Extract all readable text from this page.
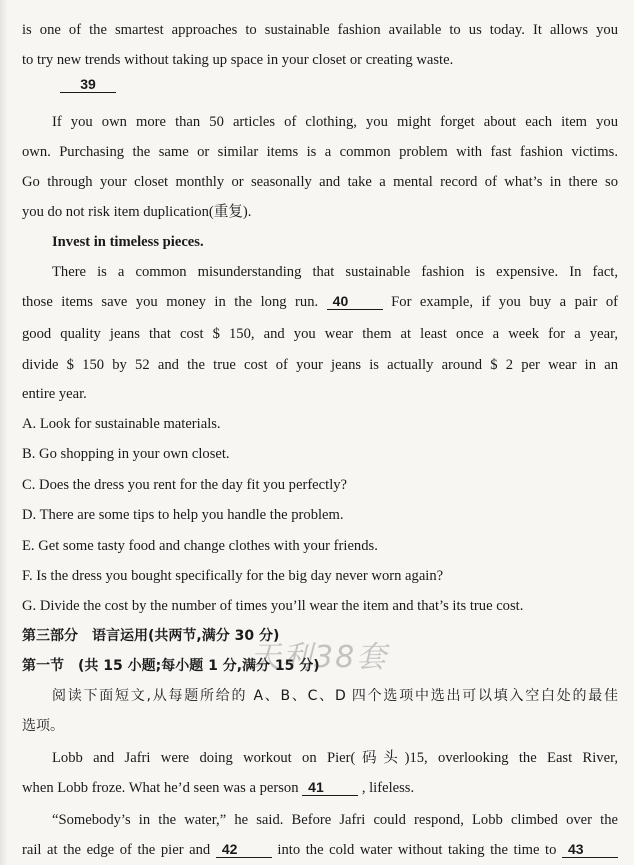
is one of the smartest approaches to sustainable fashion available to us today. It allows you
to try new trends without taking up space in your closet or creating waste.
39
If you own more than 50 articles of clothing, you might forget about each item you
own. Purchasing the same or similar items is a common problem with fast fashion victims.
Go through your closet monthly or seasonally and take a mental record of what’s in there so
you do not risk item duplication(重复).
Invest in timeless pieces.
There is a common misunderstanding that sustainable fashion is expensive. In fact,
those items save you money in the long run. 40	For example, if you buy a pair of
good quality jeans that cost $ 150, and you wear them at least once a week for a year,
divide $ 150 by 52 and the true cost of your jeans is actually around $ 2 per wear in an
entire year.
A. Look for sustainable materials.
B. Go shopping in your own closet.
C. Does the dress you rent for the day fit you perfectly?
D. There are some tips to help you handle the problem.
E. Get some tasty food and change clothes with your friends.
F. Is the dress you bought specifically for the big day never worn again?
G. Divide the cost by the number of times you’ll wear the item and that’s its true cost.
第三部分　语言运用(共两节,满分 30 分)
第一节　(共 15 小题;每小题 1 分,满分 15 分)
天利38套
阅读下面短文,从每题所给的 A、B、C、D 四个选项中选出可以填入空白处的最佳
选项。
Lobb and Jafri were doing workout on Pier(码头)15, overlooking the East River,
when Lobb froze. What he’d seen was a person 41	, lifeless.
“Somebody’s in the water,” he said. Before Jafri could respond, Lobb climbed over the
rail at the edge of the pier and 42	into the cold water without taking the time to 43
